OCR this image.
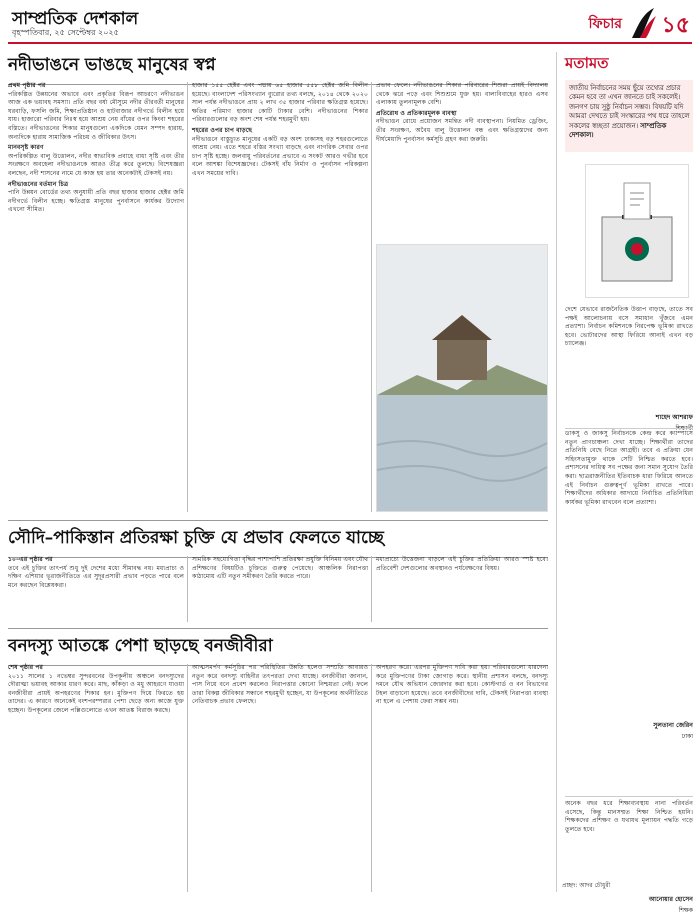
সাম্প্রতিক দেশকাল
বৃহস্পতিবার, ২৫ সেপ্টেম্বর ২০২৫
ফিচার ১৫
নদীভাঙনে ভাঙছে মানুষের স্বপ্ন
প্রথম পৃষ্ঠার পর

পরিকল্পিত উন্নয়নের অভাবে এবং প্রকৃতির বিরূপ আচরণে নদীভাঙন আজ এক ভয়াবহ সমস্যা। প্রতি বছর বর্ষা মৌসুমে নদীর তীরবর্তী মানুষের ঘরবাড়ি, ফসলি জমি, শিক্ষাপ্রতিষ্ঠান ও হাটবাজার নদীগর্ভে বিলীন হয়ে যায়। হাজারো পরিবার নিঃস্ব হয়ে আশ্রয় নেয় বাঁধের ওপর কিংবা শহরের বস্তিতে। নদীভাঙনের শিকার মানুষগুলো একদিকে যেমন সম্পদ হারায়, অন্যদিকে হারায় সামাজিক পরিচয় ও জীবিকার উৎস।

মানবসৃষ্ট কারণ

অপরিকল্পিত বালু উত্তোলন, নদীর স্বাভাবিক প্রবাহে বাধা সৃষ্টি এবং তীর সংরক্ষণে অবহেলা নদীভাঙনকে আরও তীব্র করে তুলছে। বিশেষজ্ঞরা বলছেন, নদী শাসনের নামে যে কাজ হয় তার অনেকটাই টেকসই নয়।

নদীভাঙনের বর্তমান চিত্র

পানি উন্নয়ন বোর্ডের তথ্য অনুযায়ী প্রতি বছর হাজার হাজার হেক্টর জমি নদীগর্ভে বিলীন হচ্ছে। ক্ষতিগ্রস্ত মানুষের পুনর্বাসনে কার্যকর উদ্যোগ এখনো সীমিত।

হাজার ১৫৫ হেক্টর এবং পদ্মায় ৬৫ হাজার ৫৫৮ হেক্টর জমি বিলীন হয়েছে। বাংলাদেশ পরিসংখ্যান ব্যুরোর তথ্য বলছে, ২০১৪ থেকে ২০২০ সাল পর্যন্ত নদীভাঙনে প্রায় ২ লাখ ৩৫ হাজার পরিবার ক্ষতিগ্রস্ত হয়েছে। ক্ষতির পরিমাণ হাজার কোটি টাকার বেশি। নদীভাঙনের শিকার পরিবারগুলোর বড় অংশ শেষ পর্যন্ত শহরমুখী হয়।

শহরের ওপর চাপ বাড়ছে

নদীভাঙনে বাস্তুচ্যুত মানুষের একটি বড় অংশ ঢাকাসহ বড় শহরগুলোতে আশ্রয় নেয়। এতে শহরে বস্তির সংখ্যা বাড়ছে এবং নাগরিক সেবার ওপর চাপ সৃষ্টি হচ্ছে। জলবায়ু পরিবর্তনের প্রভাবে এ সংকট আরও গভীর হবে বলে আশঙ্কা বিশেষজ্ঞদের। টেকসই বাঁধ নির্মাণ ও পুনর্বাসন পরিকল্পনা এখন সময়ের দাবি।

প্রভাব ফেলে। নদীভাঙনের শিকার পরিবারের শিশুরা প্রায়ই বিদ্যালয় থেকে ঝরে পড়ে এবং শিশুশ্রমে যুক্ত হয়। বাল্যবিবাহের হারও এসব এলাকায় তুলনামূলক বেশি।

প্রতিরোধ ও প্রতিকারমূলক ব্যবস্থা

নদীভাঙন রোধে প্রয়োজন সমন্বিত নদী ব্যবস্থাপনা। নিয়মিত ড্রেজিং, তীর সংরক্ষণ, অবৈধ বালু উত্তোলন বন্ধ এবং ক্ষতিগ্রস্তদের জন্য দীর্ঘমেয়াদি পুনর্বাসন কর্মসূচি গ্রহণ করা জরুরি।

সৌদি–পাকিস্তান প্রতিরক্ষা চুক্তি যে প্রভাব ফেলতে যাচ্ছে
১০–এর পৃষ্ঠার পর

তবে এই চুক্তির তাৎপর্য শুধু দুই দেশের মধ্যে সীমাবদ্ধ নয়। মধ্যপ্রাচ্য ও দক্ষিণ এশিয়ার ভূরাজনীতিতে এর সুদূরপ্রসারী প্রভাব পড়তে পারে বলে মনে করছেন বিশ্লেষকরা।

সামরিক সহযোগিতা বৃদ্ধির পাশাপাশি প্রতিরক্ষা প্রযুক্তি বিনিময় এবং যৌথ প্রশিক্ষণের বিষয়টিও চুক্তিতে গুরুত্ব পেয়েছে। আঞ্চলিক নিরাপত্তা কাঠামোয় এটি নতুন সমীকরণ তৈরি করতে পারে।

মধ্যপ্রাচ্যে উত্তেজনা বাড়লে এই চুক্তির প্রতিক্রিয়া আরও স্পষ্ট হবে। প্রতিবেশী দেশগুলোর অবস্থানও পর্যবেক্ষণের বিষয়।

বনদস্যু আতঙ্কে পেশা ছাড়ছে বনজীবীরা
শেষ পৃষ্ঠার পর

২০১১ সালের ১ নভেম্বর সুন্দরবনের উপকূলীয় অঞ্চলে বনদস্যুদের দৌরাত্ম্য ভয়াবহ আকার ধারণ করে। মাছ, কাঁকড়া ও মধু আহরণে যাওয়া বনজীবীরা প্রায়ই অপহরণের শিকার হন। মুক্তিপণ দিয়ে ফিরতে হয় তাদের। এ কারণে অনেকেই বংশপরম্পরার পেশা ছেড়ে অন্য কাজে যুক্ত হচ্ছেন। উপকূলের জেলে পল্লিগুলোতে এখন আতঙ্ক বিরাজ করছে।

আত্মসমর্পণ কর্মসূচির পর পরিস্থিতির উন্নতি হলেও সম্প্রতি আবারও নতুন করে বনদস্যু বাহিনীর তৎপরতা দেখা যাচ্ছে। বনজীবীরা জানান, পাস নিয়ে বনে প্রবেশ করলেও নিরাপত্তার কোনো নিশ্চয়তা নেই। ফলে তারা বিকল্প জীবিকার সন্ধানে শহরমুখী হচ্ছেন, যা উপকূলের অর্থনীতিতে নেতিবাচক প্রভাব ফেলছে।

অপহরণ করে। এরপর মুক্তিপণ দাবি করা হয়। পরিবারগুলো ধারদেনা করে মুক্তিপণের টাকা জোগাড় করে। স্থানীয় প্রশাসন বলছে, বনদস্যু দমনে যৌথ অভিযান জোরদার করা হবে। কোস্টগার্ড ও বন বিভাগের টহল বাড়ানো হয়েছে। তবে বনজীবীদের দাবি, টেকসই নিরাপত্তা ব্যবস্থা না হলে এ পেশায় ফেরা সম্ভব নয়।

মতামত
জাতীয় নির্বাচনের সময় ছুঁয়ে তথ্যের প্রচার কেমন হবে তা এখন জানতে চাই সকলেই। জনগণ চায় সুষ্ঠু নির্বাচন সম্ভব। বিষয়টি যদি আমরা দেখতে চাই সংস্কারের পথ ধরে তাহলে সকলের স্বচ্ছতা প্রয়োজন। সাম্প্রতিক দেশকাল।
দেশে যেভাবে রাজনৈতিক উত্তাপ বাড়ছে, তাতে সব পক্ষই আলোচনায় বসে সমাধান খুঁজবে এমন প্রত্যাশা। নির্বাচন কমিশনকে নিরপেক্ষ ভূমিকা রাখতে হবে। ভোটারদের আস্থা ফিরিয়ে আনাই এখন বড় চ্যালেঞ্জ।
শাহেদ আশরাফ
ডাকসু ও জাকসু নির্বাচনকে কেন্দ্র করে ক্যাম্পাসে নতুন প্রাণচাঞ্চল্য দেখা যাচ্ছে। শিক্ষার্থীরা তাদের প্রতিনিধি বেছে নিতে আগ্রহী। তবে এ প্রক্রিয়া যেন সহিংসতামুক্ত থাকে সেটি নিশ্চিত করতে হবে। প্রশাসনের দায়িত্ব সব পক্ষের জন্য সমান সুযোগ তৈরি করা। ছাত্ররাজনীতির ইতিবাচক ধারা ফিরিয়ে আনতে এই নির্বাচন গুরুত্বপূর্ণ ভূমিকা রাখতে পারে। শিক্ষার্থীদের অধিকার আদায়ে নির্বাচিত প্রতিনিধিরা কার্যকর ভূমিকা রাখবেন বলে প্রত্যাশা।
সুলতানা জেরিন
ঢাকা
অনেক বছর ধরে শিক্ষাব্যবস্থায় নানা পরিবর্তন এসেছে, কিন্তু মানসম্মত শিক্ষা নিশ্চিত হয়নি। শিক্ষকদের প্রশিক্ষণ ও যথাযথ মূল্যায়ন পদ্ধতি গড়ে তুলতে হবে।
আনোয়ার হোসেন
শিক্ষক
প্রচ্ছদ: আদর চৌধুরী
